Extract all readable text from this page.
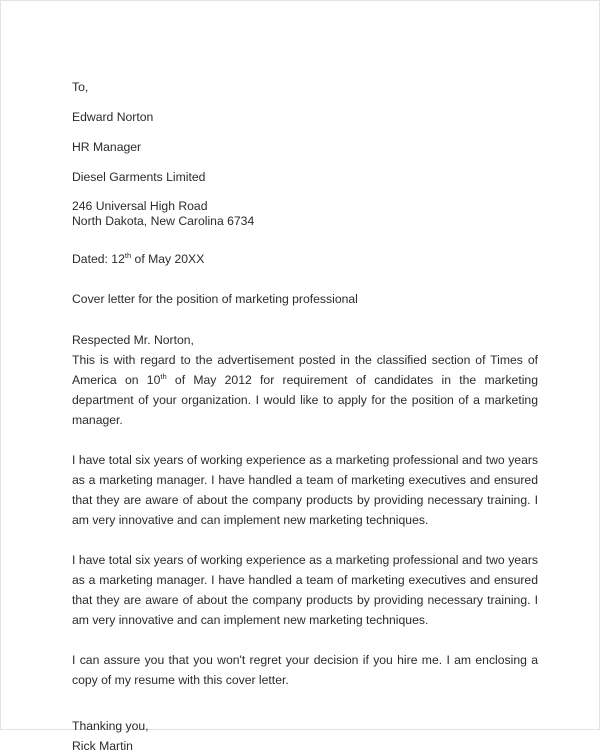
To,

Edward Norton

HR Manager

Diesel Garments Limited

246 Universal High Road

North Dakota, New Carolina 6734

Dated: 12th of May 20XX

Cover letter for the position of marketing professional

Respected Mr. Norton,

This is with regard to the advertisement posted in the classified section of Times of America on 10th of May 2012 for requirement of candidates in the marketing department of your organization. I would like to apply for the position of a marketing manager.

I have total six years of working experience as a marketing professional and two years as a marketing manager. I have handled a team of marketing executives and ensured that they are aware of about the company products by providing necessary training. I am very innovative and can implement new marketing techniques.

I have total six years of working experience as a marketing professional and two years as a marketing manager. I have handled a team of marketing executives and ensured that they are aware of about the company products by providing necessary training. I am very innovative and can implement new marketing techniques.

I can assure you that you won't regret your decision if you hire me. I am enclosing a copy of my resume with this cover letter.

Thanking you,

Rick Martin
